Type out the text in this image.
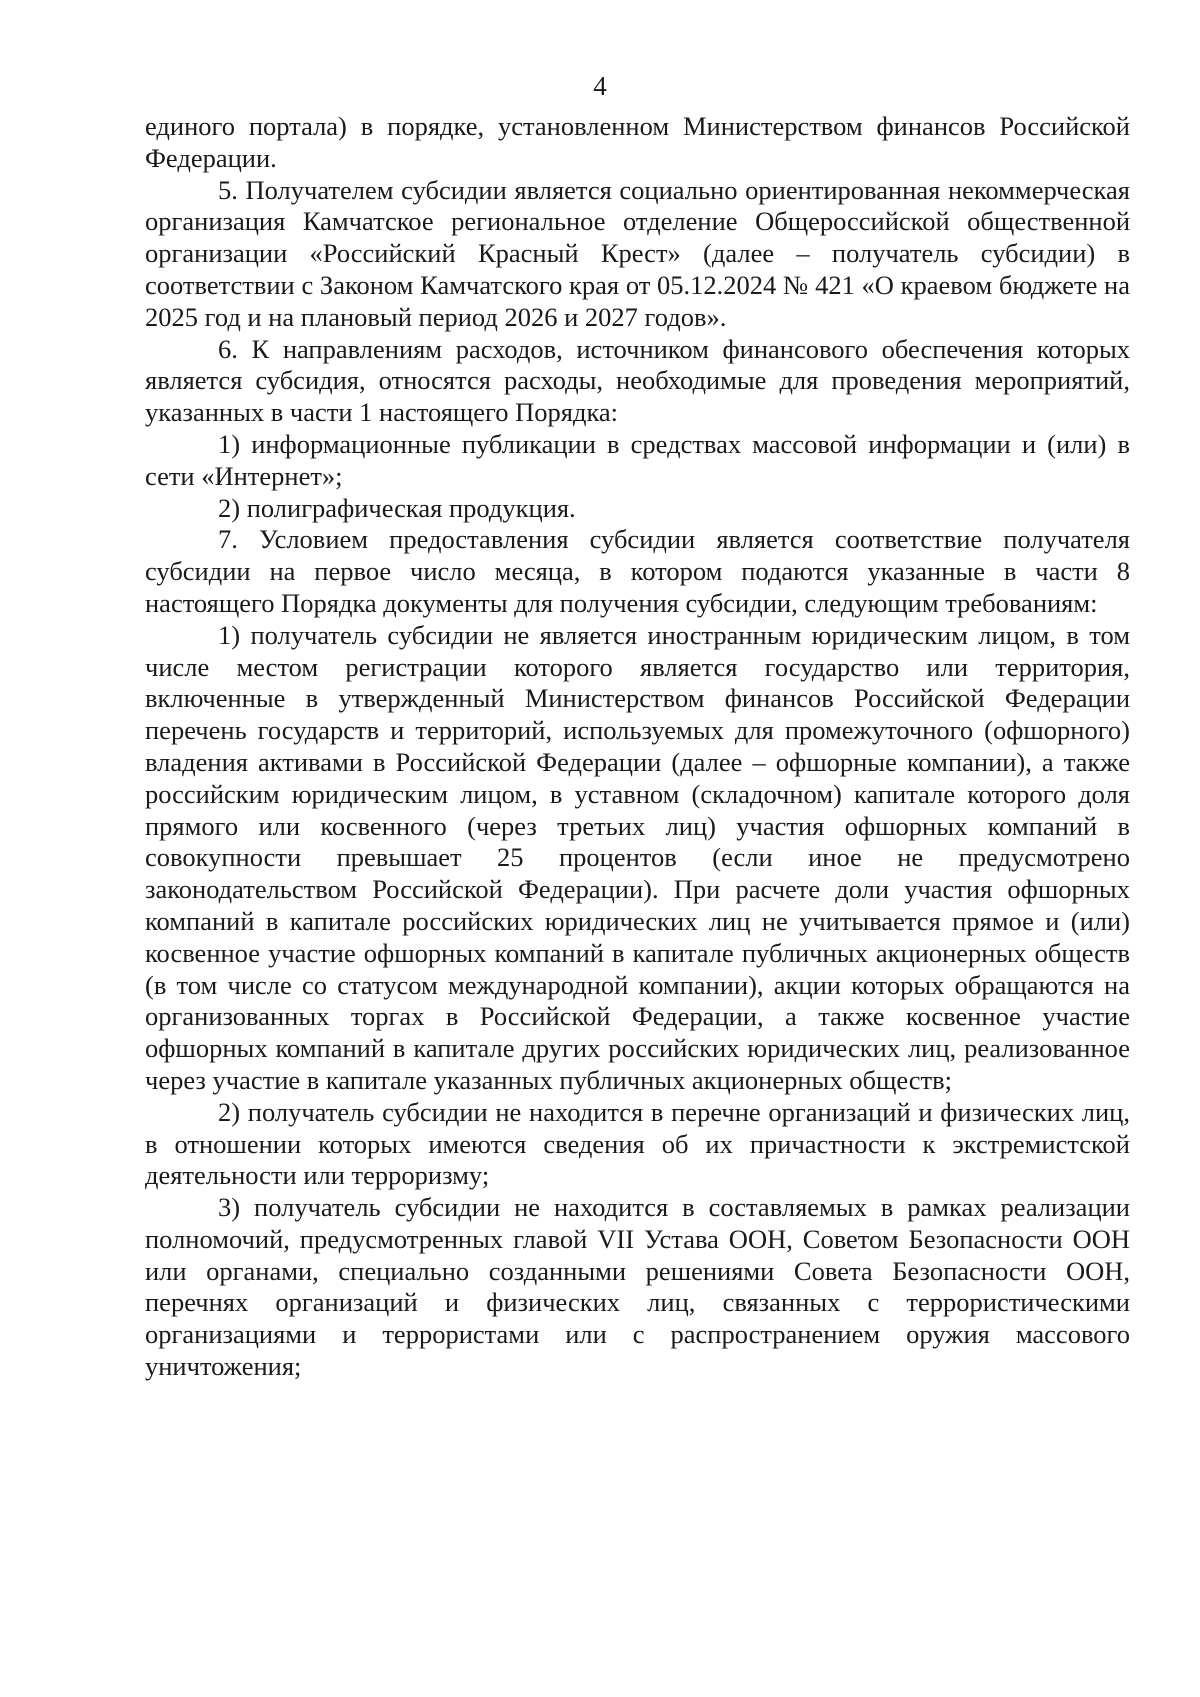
4

единого портала) в порядке, установленном Министерством финансов Российской Федерации.

5. Получателем субсидии является социально ориентированная некоммерческая организация Камчатское региональное отделение Общероссийской общественной организации «Российский Красный Крест» (далее – получатель субсидии) в соответствии с Законом Камчатского края от 05.12.2024 № 421 «О краевом бюджете на 2025 год и на плановый период 2026 и 2027 годов».

6. К направлениям расходов, источником финансового обеспечения которых является субсидия, относятся расходы, необходимые для проведения мероприятий, указанных в части 1 настоящего Порядка:

1) информационные публикации в средствах массовой информации и (или) в сети «Интернет»;

2) полиграфическая продукция.

7. Условием предоставления субсидии является соответствие получателя субсидии на первое число месяца, в котором подаются указанные в части 8 настоящего Порядка документы для получения субсидии, следующим требованиям:

1) получатель субсидии не является иностранным юридическим лицом, в том числе местом регистрации которого является государство или территория, включенные в утвержденный Министерством финансов Российской Федерации перечень государств и территорий, используемых для промежуточного (офшорного) владения активами в Российской Федерации (далее – офшорные компании), а также российским юридическим лицом, в уставном (складочном) капитале которого доля прямого или косвенного (через третьих лиц) участия офшорных компаний в совокупности превышает 25 процентов (если иное не предусмотрено законодательством Российской Федерации). При расчете доли участия офшорных компаний в капитале российских юридических лиц не учитывается прямое и (или) косвенное участие офшорных компаний в капитале публичных акционерных обществ (в том числе со статусом международной компании), акции которых обращаются на организованных торгах в Российской Федерации, а также косвенное участие офшорных компаний в капитале других российских юридических лиц, реализованное через участие в капитале указанных публичных акционерных обществ;

2) получатель субсидии не находится в перечне организаций и физических лиц, в отношении которых имеются сведения об их причастности к экстремистской деятельности или терроризму;

3) получатель субсидии не находится в составляемых в рамках реализации полномочий, предусмотренных главой VII Устава ООН, Советом Безопасности ООН или органами, специально созданными решениями Совета Безопасности ООН, перечнях организаций и физических лиц, связанных с террористическими организациями и террористами или с распространением оружия массового уничтожения;
